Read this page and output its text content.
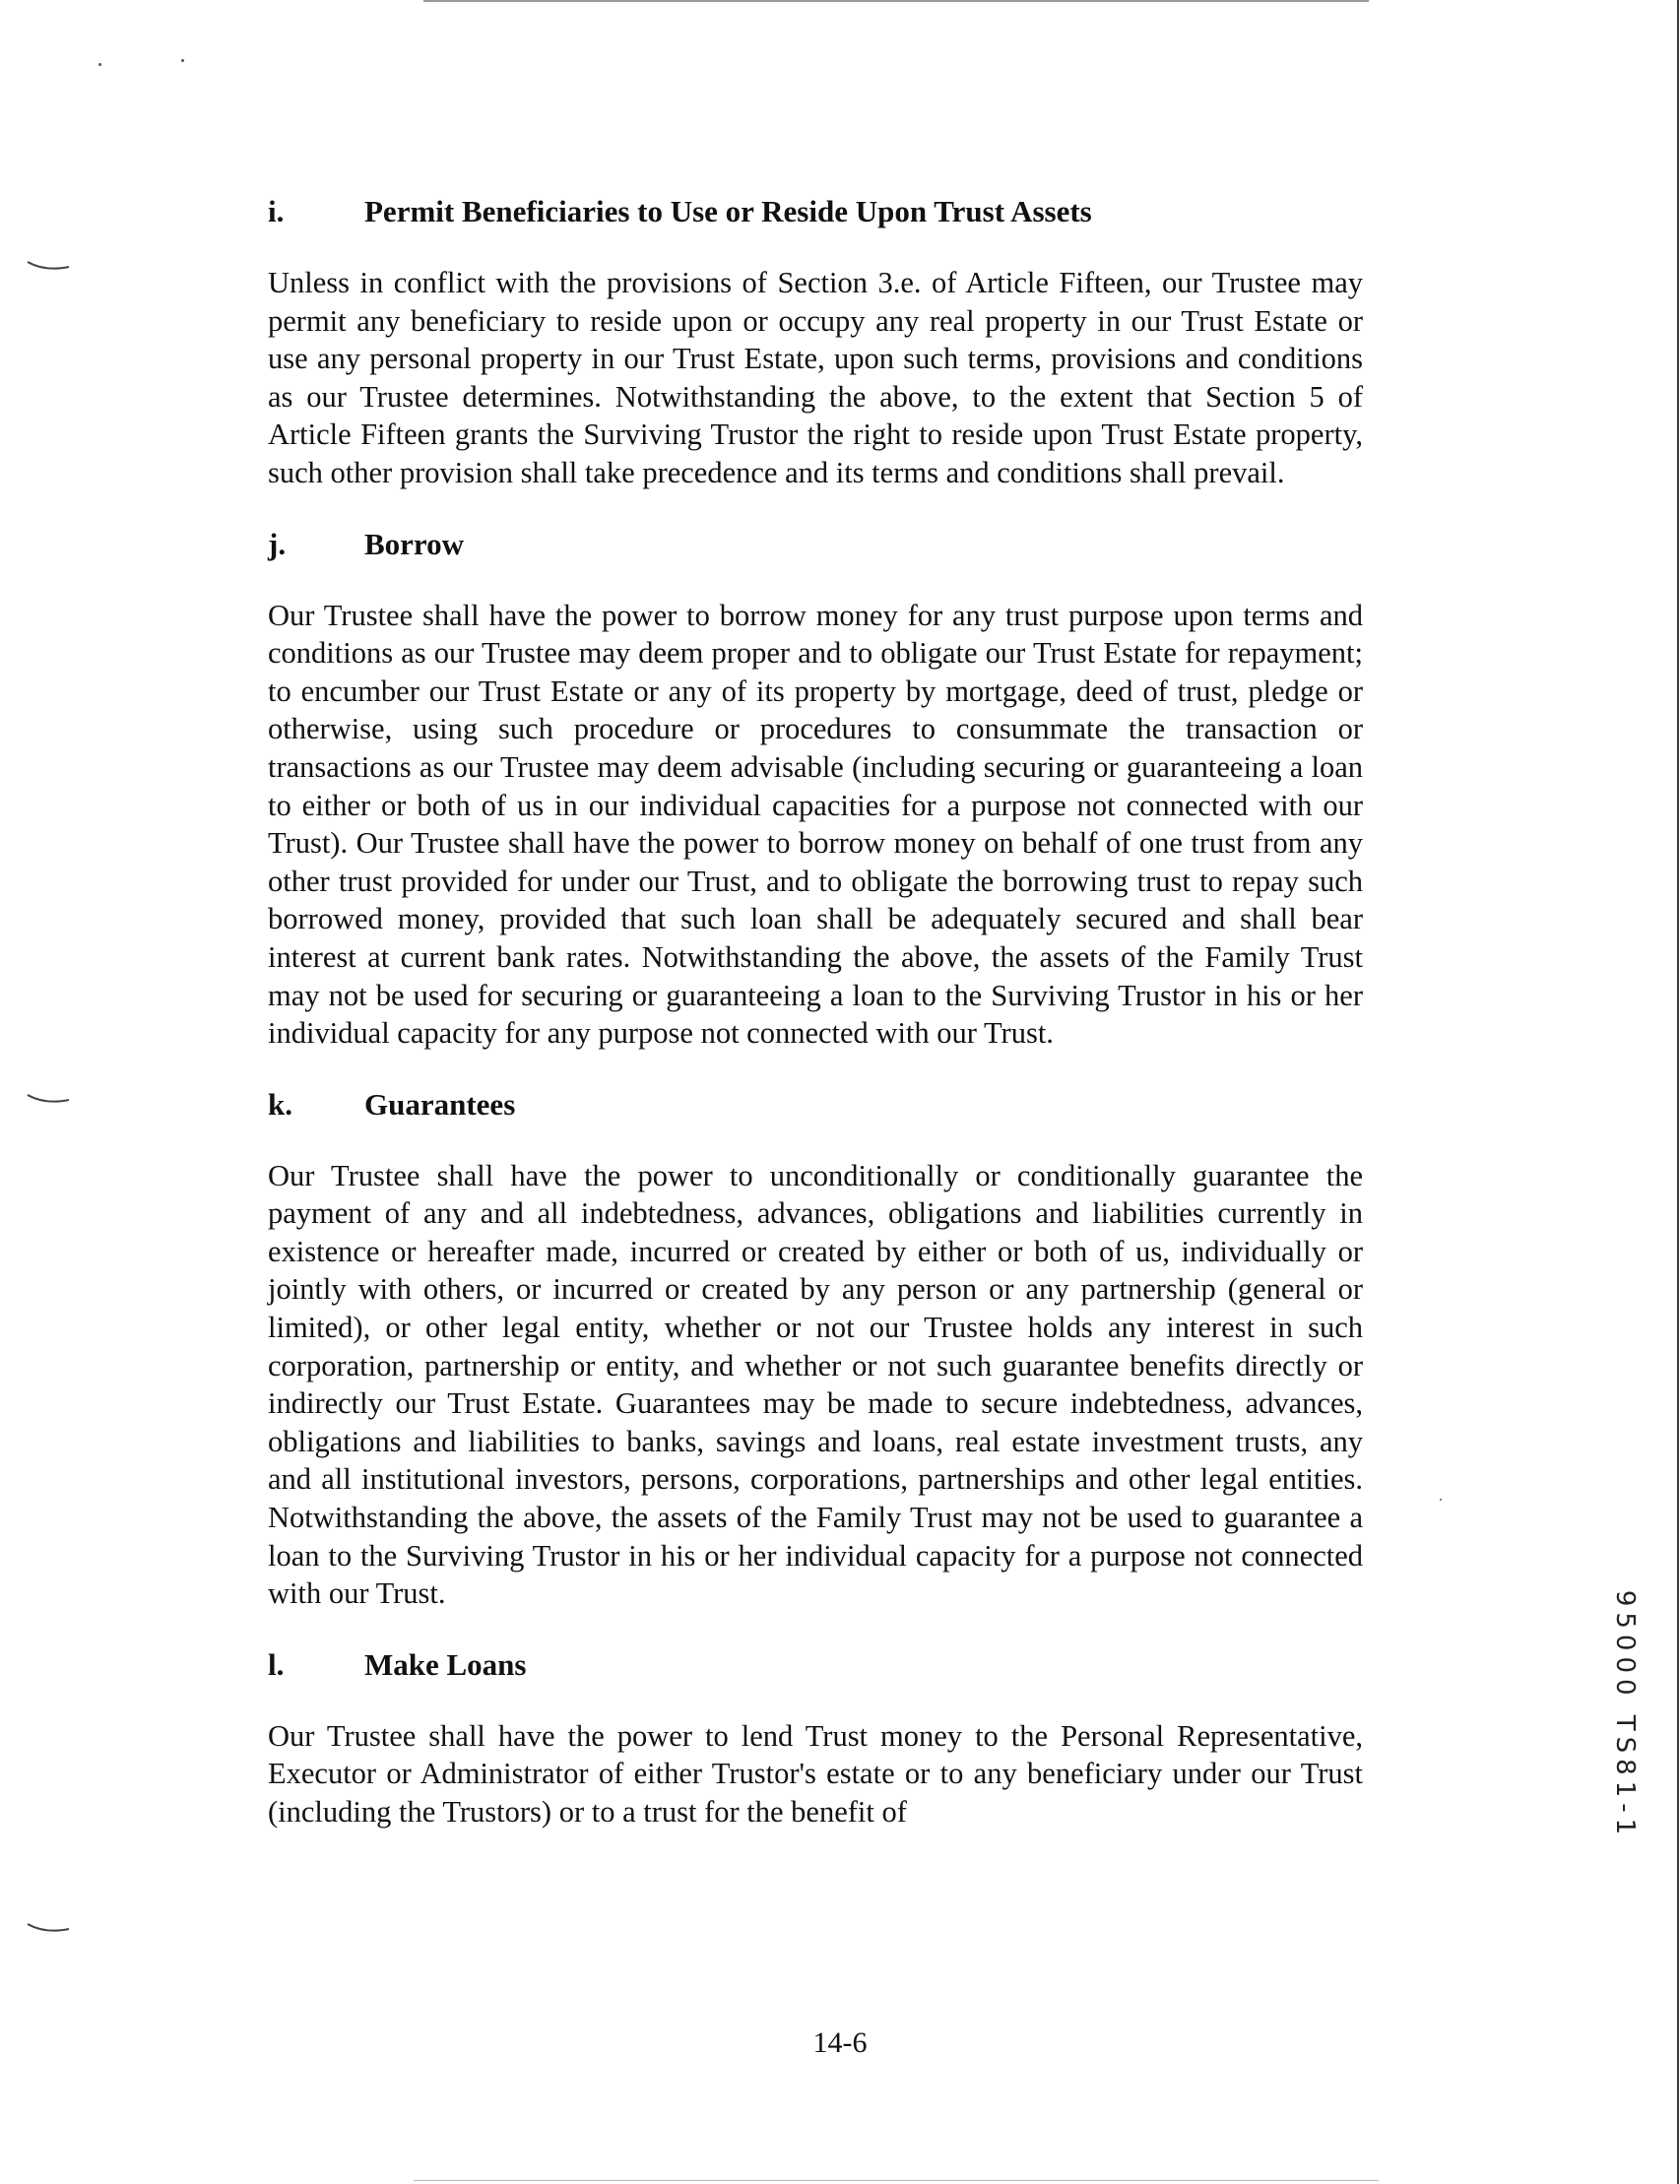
i.	Permit Beneficiaries to Use or Reside Upon Trust Assets

Unless in conflict with the provisions of Section 3.e. of Article Fifteen, our Trustee may permit any beneficiary to reside upon or occupy any real property in our Trust Estate or use any personal property in our Trust Estate, upon such terms, provisions and conditions as our Trustee determines. Notwithstanding the above, to the extent that Section 5 of Article Fifteen grants the Surviving Trustor the right to reside upon Trust Estate property, such other provision shall take precedence and its terms and conditions shall prevail.

j.	Borrow

Our Trustee shall have the power to borrow money for any trust purpose upon terms and conditions as our Trustee may deem proper and to obligate our Trust Estate for repayment; to encumber our Trust Estate or any of its property by mortgage, deed of trust, pledge or otherwise, using such procedure or procedures to consummate the transaction or transactions as our Trustee may deem advisable (including securing or guaranteeing a loan to either or both of us in our individual capacities for a purpose not connected with our Trust). Our Trustee shall have the power to borrow money on behalf of one trust from any other trust provided for under our Trust, and to obligate the borrowing trust to repay such borrowed money, provided that such loan shall be adequately secured and shall bear interest at current bank rates. Notwithstanding the above, the assets of the Family Trust may not be used for securing or guaranteeing a loan to the Surviving Trustor in his or her individual capacity for any purpose not connected with our Trust.

k.	Guarantees

Our Trustee shall have the power to unconditionally or conditionally guarantee the payment of any and all indebtedness, advances, obligations and liabilities currently in existence or hereafter made, incurred or created by either or both of us, individually or jointly with others, or incurred or created by any person or any partnership (general or limited), or other legal entity, whether or not our Trustee holds any interest in such corporation, partnership or entity, and whether or not such guarantee benefits directly or indirectly our Trust Estate. Guarantees may be made to secure indebtedness, advances, obligations and liabilities to banks, savings and loans, real estate investment trusts, any and all institutional investors, persons, corporations, partnerships and other legal entities. Notwithstanding the above, the assets of the Family Trust may not be used to guarantee a loan to the Surviving Trustor in his or her individual capacity for a purpose not connected with our Trust.

l.	Make Loans

Our Trustee shall have the power to lend Trust money to the Personal Representative, Executor or Administrator of either Trustor's estate or to any beneficiary under our Trust (including the Trustors) or to a trust for the benefit of

14-6
95000 TS81-1
